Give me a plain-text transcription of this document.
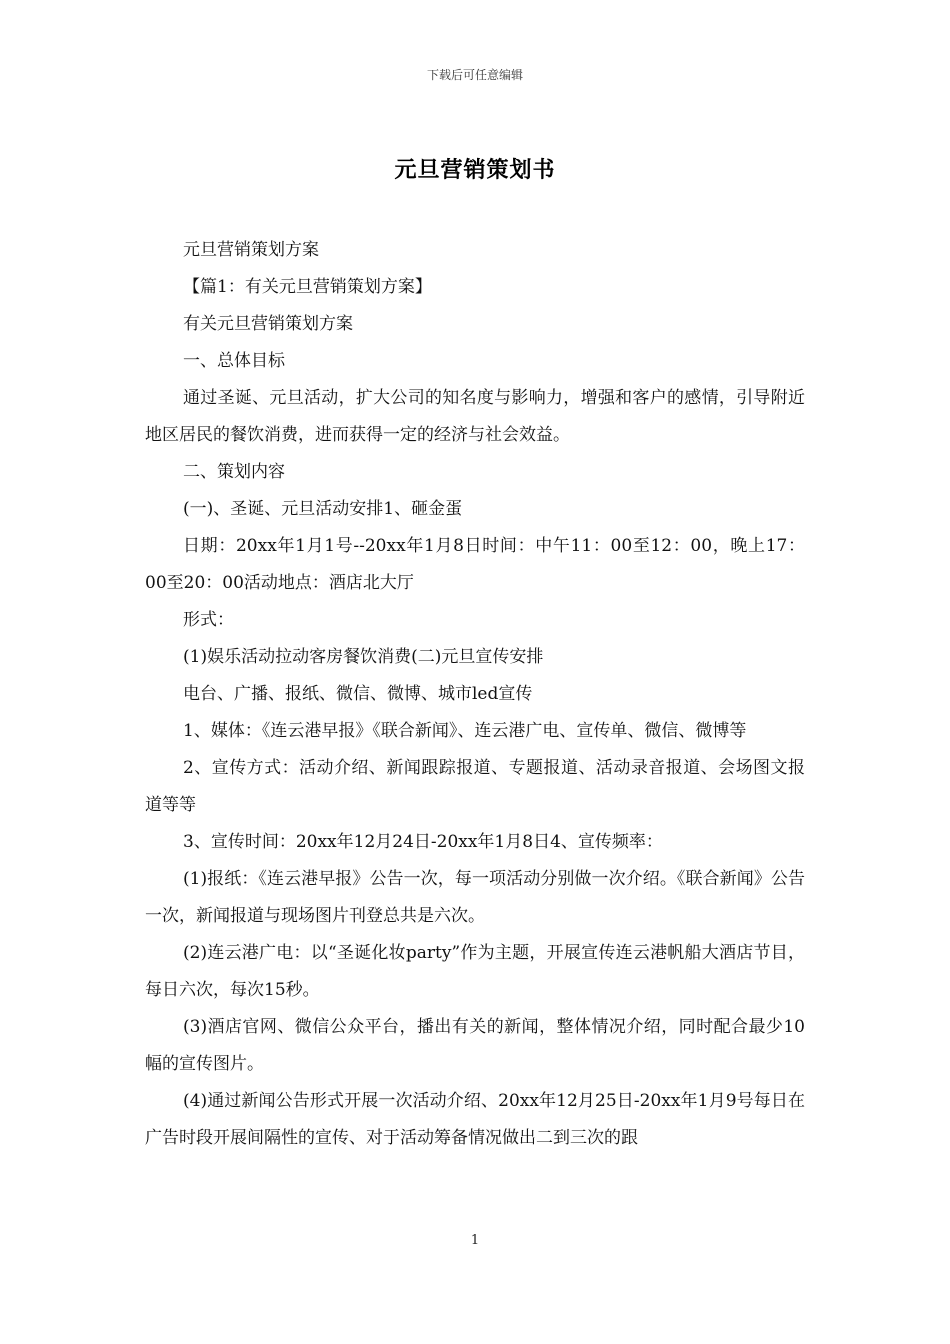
下载后可任意编辑
元旦营销策划书

元旦营销策划方案

【篇1：有关元旦营销策划方案】

有关元旦营销策划方案

一、总体目标

通过圣诞、元旦活动，扩大公司的知名度与影响力，增强和客户的感情，引导附近地区居民的餐饮消费，进而获得一定的经济与社会效益。

二、策划内容

(一)、圣诞、元旦活动安排1、砸金蛋

日期：20xx年1月1号--20xx年1月8日时间：中午11：00至12：00，晚上17：00至20：00活动地点：酒店北大厅

形式：

(1)娱乐活动拉动客房餐饮消费(二)元旦宣传安排

电台、广播、报纸、微信、微博、城市led宣传

1、媒体：《连云港早报》《联合新闻》、连云港广电、宣传单、微信、微博等

2、宣传方式：活动介绍、新闻跟踪报道、专题报道、活动录音报道、会场图文报道等等

3、宣传时间：20xx年12月24日-20xx年1月8日4、宣传频率：

(1)报纸：《连云港早报》公告一次，每一项活动分别做一次介绍。《联合新闻》公告一次，新闻报道与现场图片刊登总共是六次。

(2)连云港广电：以“圣诞化妆party”作为主题，开展宣传连云港帆船大酒店节目，每日六次，每次15秒。

(3)酒店官网、微信公众平台，播出有关的新闻，整体情况介绍，同时配合最少10幅的宣传图片。

(4)通过新闻公告形式开展一次活动介绍、20xx年12月25日-20xx年1月9号每日在广告时段开展间隔性的宣传、对于活动筹备情况做出二到三次的跟

1
